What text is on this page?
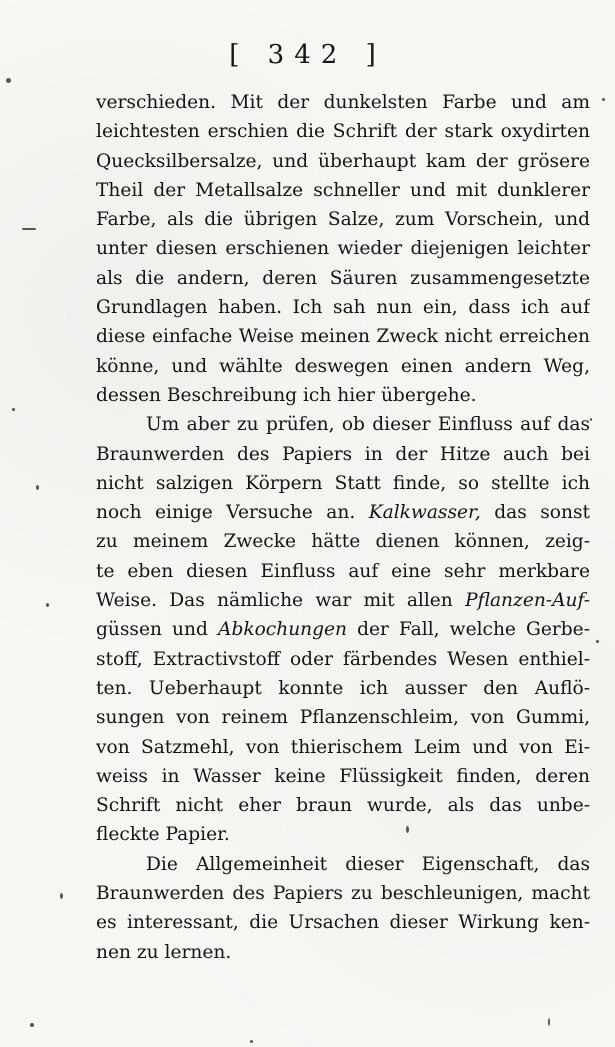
[ 342 ]
verschieden. Mit der dunkelsten Farbe und am
leichtesten erschien die Schrift der stark oxydirten
Quecksilbersalze, und überhaupt kam der grösere
Theil der Metallsalze schneller und mit dunklerer
Farbe, als die übrigen Salze, zum Vorschein, und
unter diesen erschienen wieder diejenigen leichter
als die andern, deren Säuren zusammengesetzte
Grundlagen haben. Ich sah nun ein, dass ich auf
diese einfache Weise meinen Zweck nicht erreichen
könne, und wählte deswegen einen andern Weg,
dessen Beschreibung ich hier übergehe.
Um aber zu prüfen, ob dieser Einfluss auf das
Braunwerden des Papiers in der Hitze auch bei
nicht salzigen Körpern Statt finde, so stellte ich
noch einige Versuche an. Kalkwasser, das sonst
zu meinem Zwecke hätte dienen können, zeig-
te eben diesen Einfluss auf eine sehr merkbare
Weise. Das nämliche war mit allen Pflanzen-Auf-
güssen und Abkochungen der Fall, welche Gerbe-
stoff, Extractivstoff oder färbendes Wesen enthiel-
ten. Ueberhaupt konnte ich ausser den Auflö-
sungen von reinem Pflanzenschleim, von Gummi,
von Satzmehl, von thierischem Leim und von Ei-
weiss in Wasser keine Flüssigkeit finden, deren
Schrift nicht eher braun wurde, als das unbe-
fleckte Papier.
Die Allgemeinheit dieser Eigenschaft, das
Braunwerden des Papiers zu beschleunigen, macht
es interessant, die Ursachen dieser Wirkung ken-
nen zu lernen.
